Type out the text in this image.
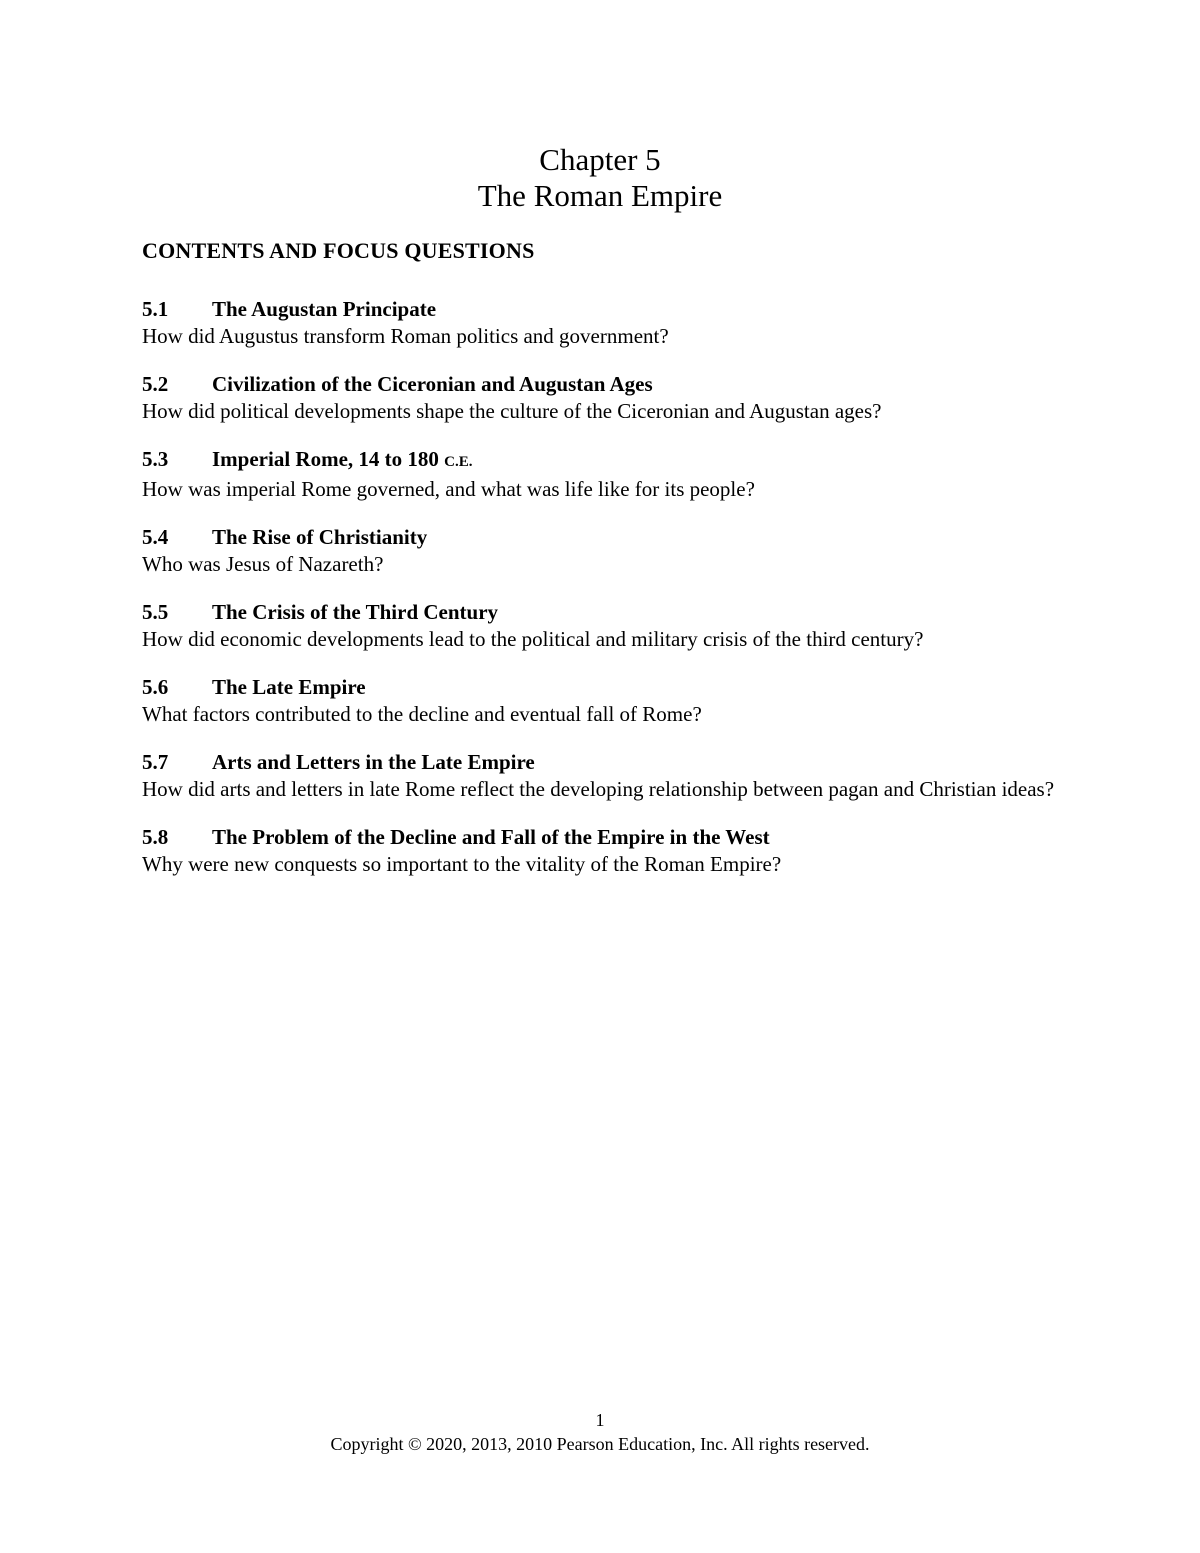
Chapter 5
The Roman Empire
CONTENTS AND FOCUS QUESTIONS

5.1	The Augustan Principate

How did Augustus transform Roman politics and government?

5.2	Civilization of the Ciceronian and Augustan Ages

How did political developments shape the culture of the Ciceronian and Augustan ages?

5.3	Imperial Rome, 14 to 180 C.E.

How was imperial Rome governed, and what was life like for its people?

5.4	The Rise of Christianity

Who was Jesus of Nazareth?

5.5	The Crisis of the Third Century

How did economic developments lead to the political and military crisis of the third century?

5.6	The Late Empire

What factors contributed to the decline and eventual fall of Rome?

5.7	Arts and Letters in the Late Empire

How did arts and letters in late Rome reflect the developing relationship between pagan and Christian ideas?

5.8	The Problem of the Decline and Fall of the Empire in the West

Why were new conquests so important to the vitality of the Roman Empire?

1
Copyright © 2020, 2013, 2010 Pearson Education, Inc. All rights reserved.
